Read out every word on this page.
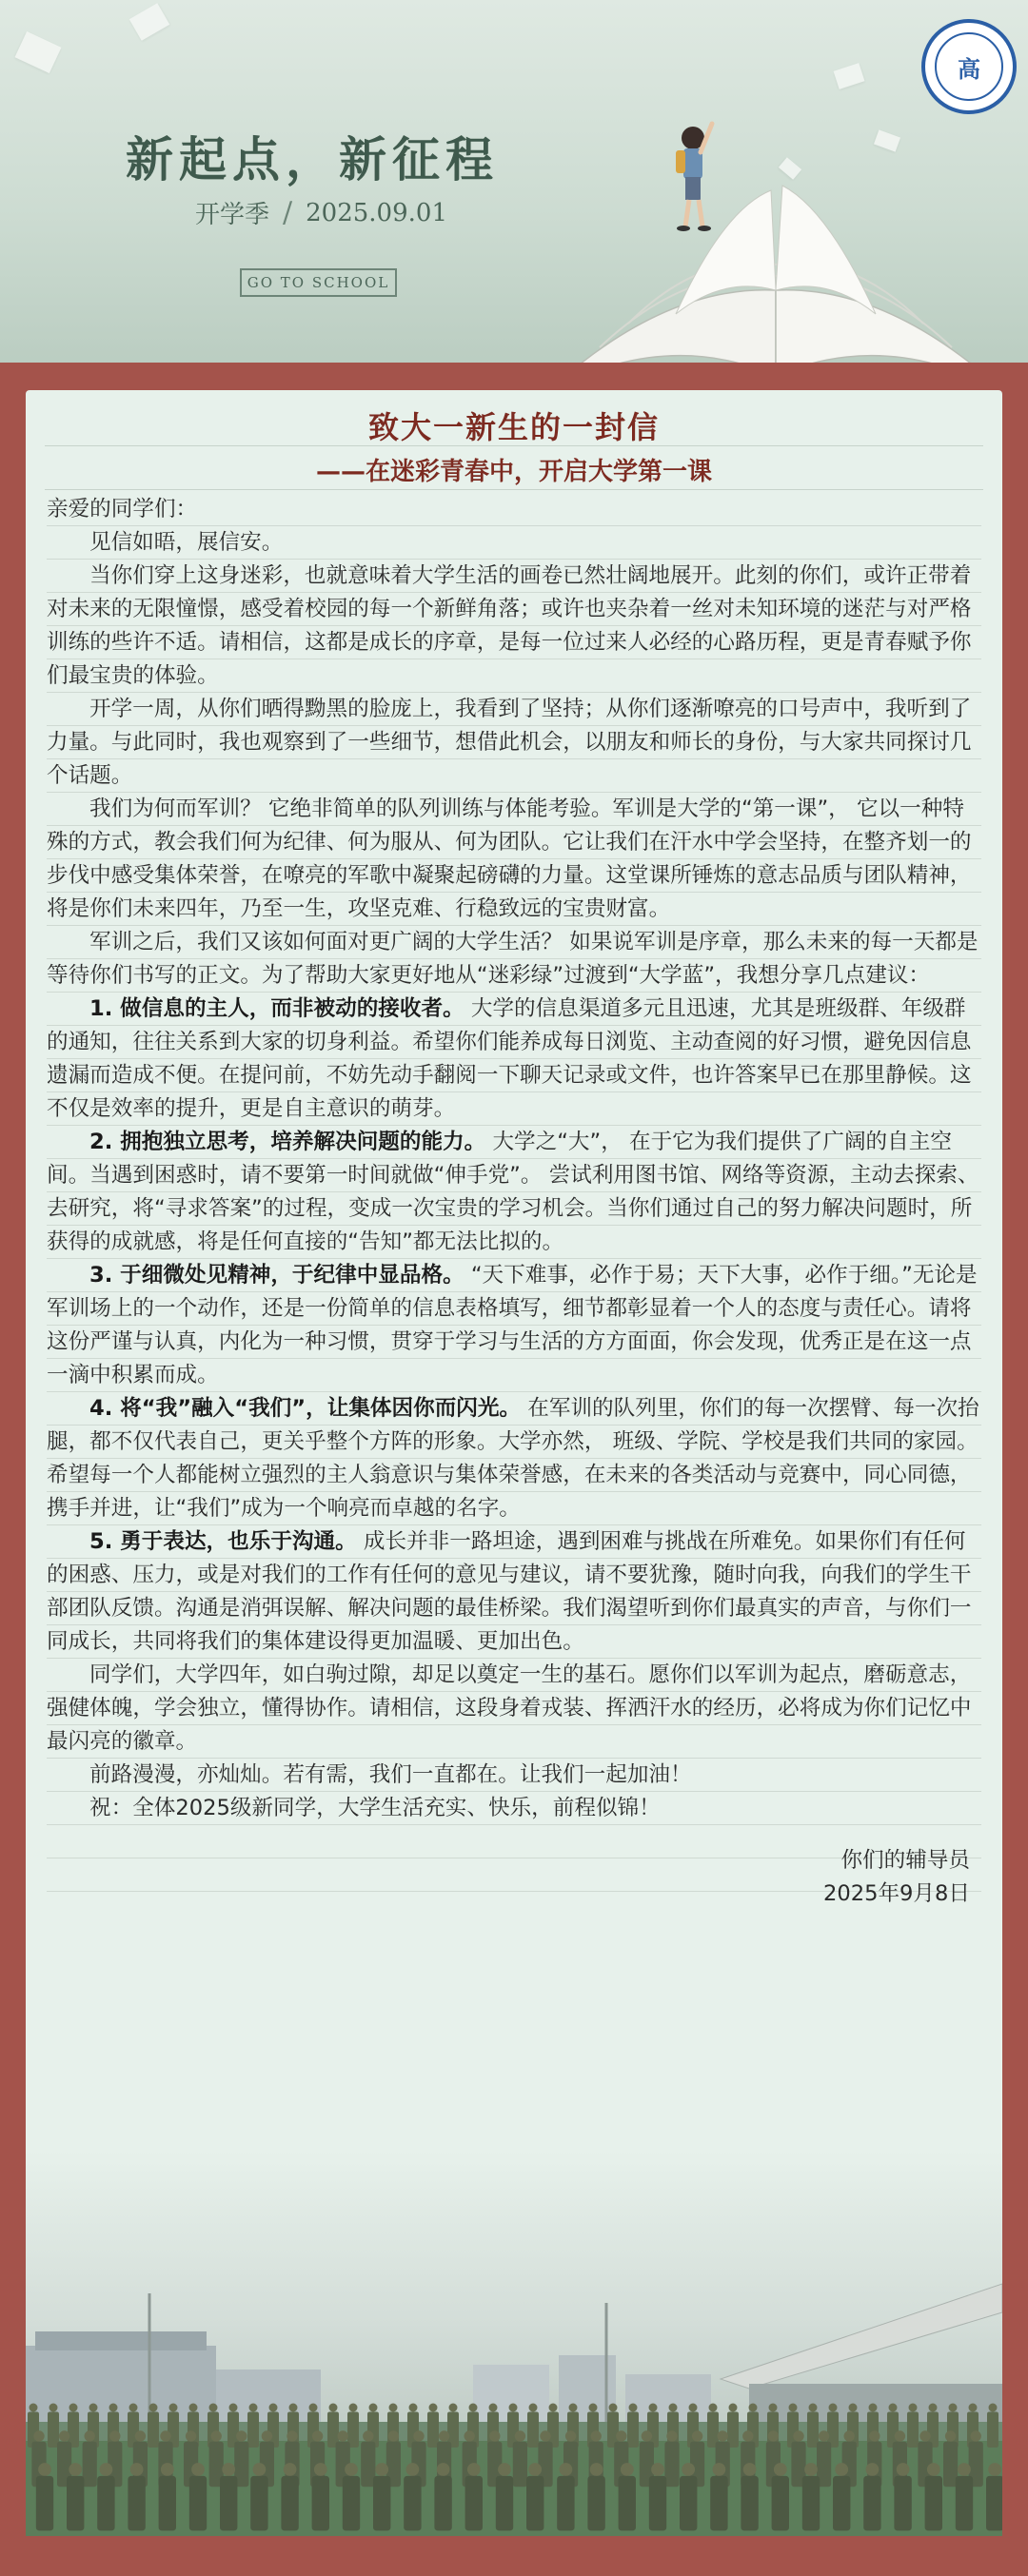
新起点，新征程
开学季 / 2025.09.01
GO TO SCHOOL
高
致大一新生的一封信
——在迷彩青春中，开启大学第一课

亲爱的同学们：

见信如晤，展信安。

当你们穿上这身迷彩，也就意味着大学生活的画卷已然壮阔地展开。此刻的你们，或许正带着对未来的无限憧憬，感受着校园的每一个新鲜角落；或许也夹杂着一丝对未知环境的迷茫与对严格训练的些许不适。请相信，这都是成长的序章，是每一位过来人必经的心路历程，更是青春赋予你们最宝贵的体验。

开学一周，从你们晒得黝黑的脸庞上，我看到了坚持；从你们逐渐嘹亮的口号声中，我听到了力量。与此同时，我也观察到了一些细节，想借此机会，以朋友和师长的身份，与大家共同探讨几个话题。

我们为何而军训？ 它绝非简单的队列训练与体能考验。军训是大学的“第一课”， 它以一种特殊的方式，教会我们何为纪律、何为服从、何为团队。它让我们在汗水中学会坚持，在整齐划一的步伐中感受集体荣誉，在嘹亮的军歌中凝聚起磅礴的力量。这堂课所锤炼的意志品质与团队精神，将是你们未来四年，乃至一生，攻坚克难、行稳致远的宝贵财富。

军训之后，我们又该如何面对更广阔的大学生活？ 如果说军训是序章，那么未来的每一天都是等待你们书写的正文。为了帮助大家更好地从“迷彩绿”过渡到“大学蓝”，我想分享几点建议：

1. 做信息的主人，而非被动的接收者。 大学的信息渠道多元且迅速，尤其是班级群、年级群的通知，往往关系到大家的切身利益。希望你们能养成每日浏览、主动查阅的好习惯，避免因信息遗漏而造成不便。在提问前，不妨先动手翻阅一下聊天记录或文件，也许答案早已在那里静候。这不仅是效率的提升，更是自主意识的萌芽。

2. 拥抱独立思考，培养解决问题的能力。 大学之“大”， 在于它为我们提供了广阔的自主空间。当遇到困惑时，请不要第一时间就做“伸手党”。 尝试利用图书馆、网络等资源，主动去探索、去研究，将“寻求答案”的过程，变成一次宝贵的学习机会。当你们通过自己的努力解决问题时，所获得的成就感，将是任何直接的“告知”都无法比拟的。

3. 于细微处见精神，于纪律中显品格。 “天下难事，必作于易；天下大事，必作于细。”无论是军训场上的一个动作，还是一份简单的信息表格填写，细节都彰显着一个人的态度与责任心。请将这份严谨与认真，内化为一种习惯，贯穿于学习与生活的方方面面，你会发现，优秀正是在这一点一滴中积累而成。

4. 将“我”融入“我们”，让集体因你而闪光。 在军训的队列里，你们的每一次摆臂、每一次抬腿，都不仅代表自己，更关乎整个方阵的形象。大学亦然， 班级、学院、学校是我们共同的家园。希望每一个人都能树立强烈的主人翁意识与集体荣誉感，在未来的各类活动与竞赛中，同心同德，携手并进，让“我们”成为一个响亮而卓越的名字。

5. 勇于表达，也乐于沟通。 成长并非一路坦途，遇到困难与挑战在所难免。如果你们有任何的困惑、压力，或是对我们的工作有任何的意见与建议，请不要犹豫，随时向我，向我们的学生干部团队反馈。沟通是消弭误解、解决问题的最佳桥梁。我们渴望听到你们最真实的声音，与你们一同成长，共同将我们的集体建设得更加温暖、更加出色。

同学们，大学四年，如白驹过隙，却足以奠定一生的基石。愿你们以军训为起点，磨砺意志，强健体魄，学会独立，懂得协作。请相信，这段身着戎装、挥洒汗水的经历，必将成为你们记忆中最闪亮的徽章。

前路漫漫，亦灿灿。若有需，我们一直都在。让我们一起加油！

祝：全体2025级新同学，大学生活充实、快乐，前程似锦！

你们的辅导员

2025年9月8日
